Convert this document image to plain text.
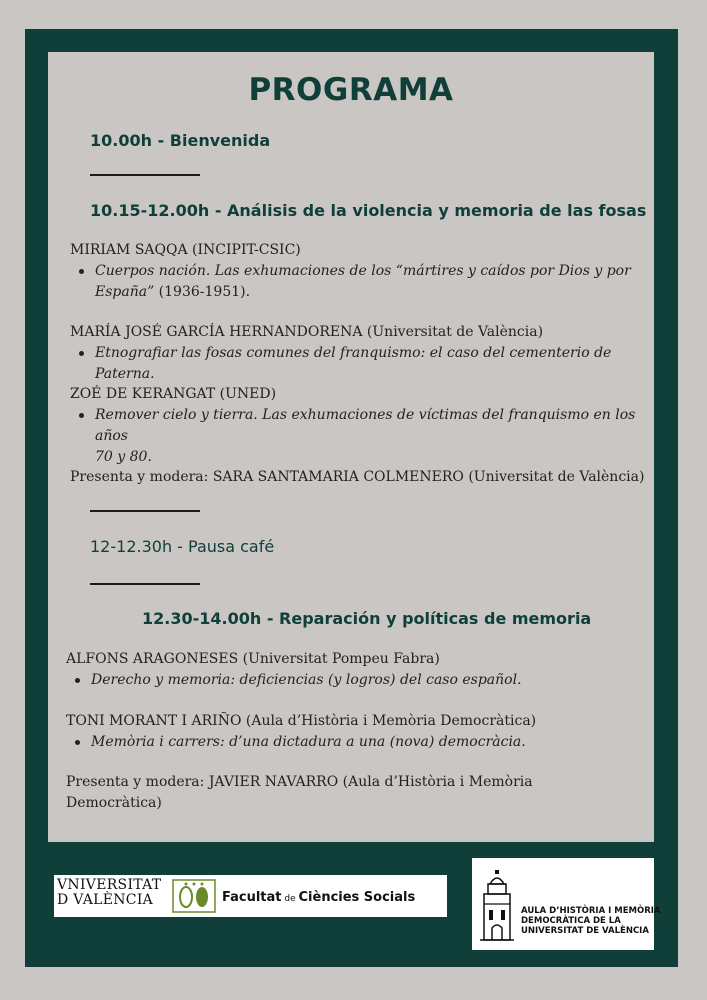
PROGRAMA
10.00h - Bienvenida
10.15-12.00h - Análisis de la violencia y memoria de las fosas
MIRIAM SAQQA (INCIPIT-CSIC)
Cuerpos nación. Las exhumaciones de los “mártires y caídos por Dios y por
España” (1936-1951).
MARÍA JOSÉ GARCÍA HERNANDORENA (Universitat de València)
Etnografiar las fosas comunes del franquismo: el caso del cementerio de Paterna.
ZOÉ DE KERANGAT (UNED)
Remover cielo y tierra. Las exhumaciones de víctimas del franquismo en los años
70 y 80.
Presenta y modera: SARA SANTAMARIA COLMENERO (Universitat de València)
12-12.30h - Pausa café
12.30-14.00h - Reparación y políticas de memoria
ALFONS ARAGONESES (Universitat Pompeu Fabra)
Derecho y memoria: deficiencias (y logros) del caso español.
TONI MORANT I ARIÑO (Aula d’Història i Memòria Democràtica)
Memòria i carrers: d’una dictadura a una (nova) democràcia.
Presenta y modera: JAVIER NAVARRO (Aula d’Història i Memòria
Democràtica)
VNIVERSITAT
D VALÈNCIA	Facultat de Ciències Socials
AULA D’HISTÒRIA I MEMÒRIA
DEMOCRÀTICA DE LA
UNIVERSITAT DE VALÈNCIA
